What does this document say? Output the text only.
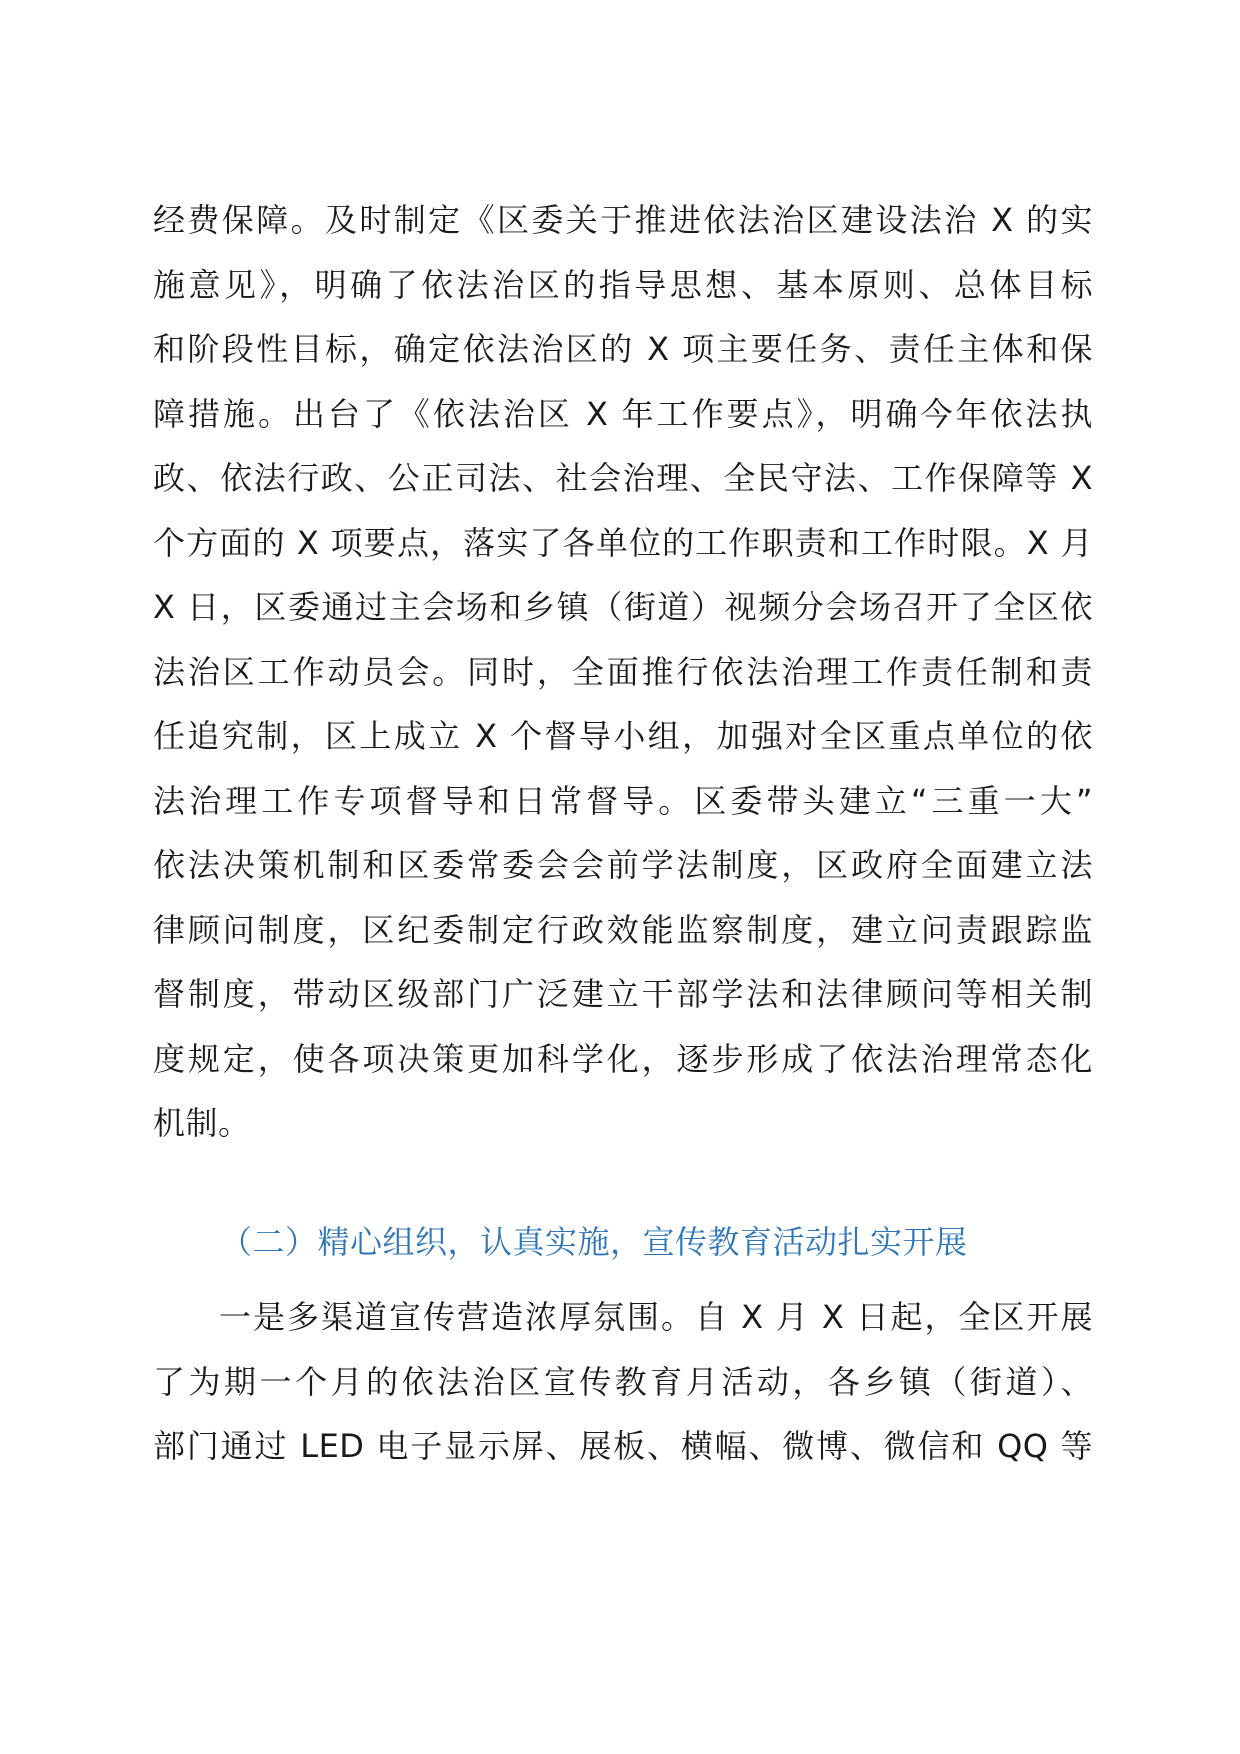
经费保障。及时制定《区委关于推进依法治区建设法治 X 的实
施意见》，明确了依法治区的指导思想、基本原则、总体目标
和阶段性目标，确定依法治区的 X 项主要任务、责任主体和保
障措施。出台了《依法治区 X 年工作要点》，明确今年依法执
政、依法行政、公正司法、社会治理、全民守法、工作保障等 X
个方面的 X 项要点，落实了各单位的工作职责和工作时限。X 月
X 日，区委通过主会场和乡镇（街道）视频分会场召开了全区依
法治区工作动员会。同时，全面推行依法治理工作责任制和责
任追究制，区上成立 X 个督导小组，加强对全区重点单位的依
法治理工作专项督导和日常督导。区委带头建立“三重一大”
依法决策机制和区委常委会会前学法制度，区政府全面建立法
律顾问制度，区纪委制定行政效能监察制度，建立问责跟踪监
督制度，带动区级部门广泛建立干部学法和法律顾问等相关制
度规定，使各项决策更加科学化，逐步形成了依法治理常态化
机制。
（二）精心组织，认真实施，宣传教育活动扎实开展
一是多渠道宣传营造浓厚氛围。自 X 月 X 日起，全区开展
了为期一个月的依法治区宣传教育月活动，各乡镇（街道）、
部门通过 LED 电子显示屏、展板、横幅、微博、微信和 QQ 等
